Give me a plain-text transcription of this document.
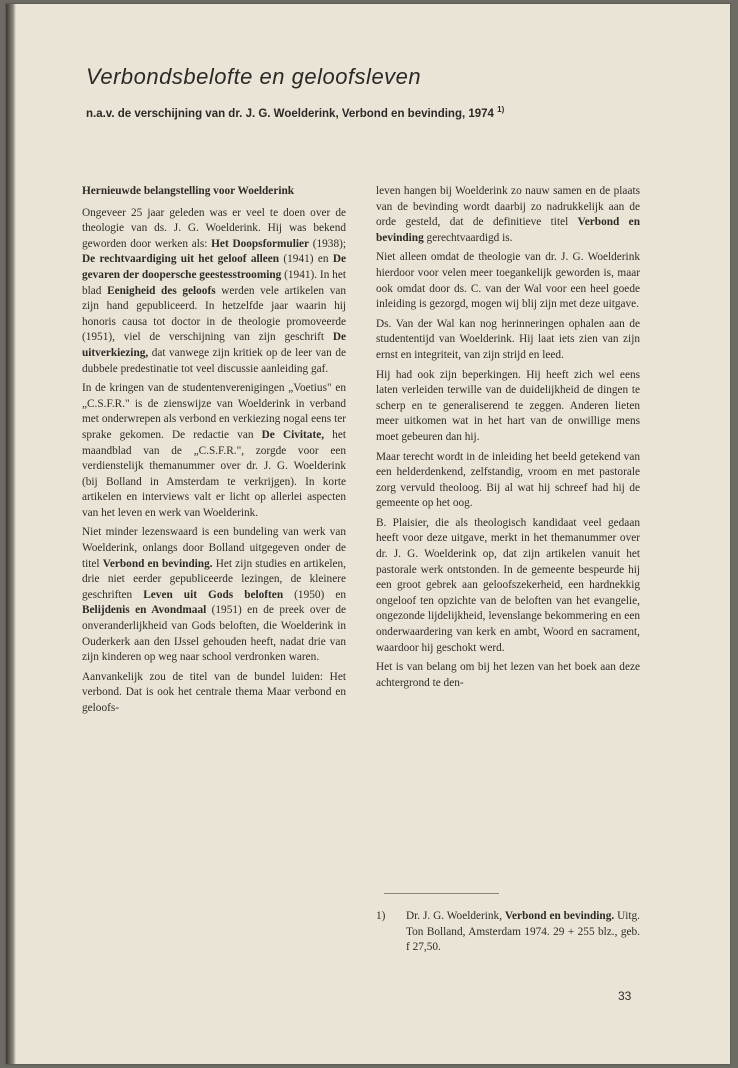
Verbondsbelofte en geloofsleven
n.a.v. de verschijning van dr. J. G. Woelderink, Verbond en bevinding, 1974 $^{1)}$

Hernieuwde belangstelling voor Woelderink

Ongeveer 25 jaar geleden was er veel te doen over de theologie van ds. J. G. Woelderink. Hij was bekend geworden door werken als: Het Doopsformulier (1938); De rechtvaardiging uit het geloof alleen (1941) en De gevaren der doopersche geestesstrooming (1941). In het blad Eenigheid des geloofs werden vele artikelen van zijn hand gepubliceerd. In hetzelfde jaar waarin hij honoris causa tot doctor in de theologie promoveerde (1951), viel de verschijning van zijn geschrift De uitverkiezing, dat vanwege zijn kritiek op de leer van de dubbele predestinatie tot veel discussie aanleiding gaf.

In de kringen van de studentenverenigingen „Voetius" en „C.S.F.R." is de zienswijze van Woelderink in verband met onderwrepen als verbond en verkiezing nogal eens ter sprake gekomen. De redactie van De Civitate, het maandblad van de „C.S.F.R.", zorgde voor een verdienstelijk themanummer over dr. J. G. Woelderink (bij Bolland in Amsterdam te verkrijgen). In korte artikelen en interviews valt er licht op allerlei aspecten van het leven en werk van Woelderink.

Niet minder lezenswaard is een bundeling van werk van Woelderink, onlangs door Bolland uitgegeven onder de titel Verbond en bevinding. Het zijn studies en artikelen, drie niet eerder gepubliceerde lezingen, de kleinere geschriften Leven uit Gods beloften (1950) en Belijdenis en Avondmaal (1951) en de preek over de onveranderlijkheid van Gods beloften, die Woelderink in Ouderkerk aan den IJssel gehouden heeft, nadat drie van zijn kinderen op weg naar school verdronken waren.

Aanvankelijk zou de titel van de bundel luiden: Het verbond. Dat is ook het centrale thema Maar verbond en geloofs-

leven hangen bij Woelderink zo nauw samen en de plaats van de bevinding wordt daarbij zo nadrukkelijk aan de orde gesteld, dat de definitieve titel Verbond en bevinding gerechtvaardigd is.

Niet alleen omdat de theologie van dr. J. G. Woelderink hierdoor voor velen meer toegankelijk geworden is, maar ook omdat door ds. C. van der Wal voor een heel goede inleiding is gezorgd, mogen wij blij zijn met deze uitgave.

Ds. Van der Wal kan nog herinneringen ophalen aan de studententijd van Woelderink. Hij laat iets zien van zijn ernst en integriteit, van zijn strijd en leed.

Hij had ook zijn beperkingen. Hij heeft zich wel eens laten verleiden terwille van de duidelijkheid de dingen te scherp en te generaliserend te zeggen. Anderen lieten meer uitkomen wat in het hart van de onwillige mens moet gebeuren dan hij.

Maar terecht wordt in de inleiding het beeld getekend van een helderdenkend, zelfstandig, vroom en met pastorale zorg vervuld theoloog. Bij al wat hij schreef had hij de gemeente op het oog.

B. Plaisier, die als theologisch kandidaat veel gedaan heeft voor deze uitgave, merkt in het themanummer over dr. J. G. Woelderink op, dat zijn artikelen vanuit het pastorale werk ontstonden. In de gemeente bespeurde hij een groot gebrek aan geloofszekerheid, een hardnekkig ongeloof ten opzichte van de beloften van het evangelie, ongezonde lijdelijkheid, levenslange bekommering en een onderwaardering van kerk en ambt, Woord en sacrament, waardoor hij geschokt werd.

Het is van belang om bij het lezen van het boek aan deze achtergrond te den-

1)	Dr. J. G. Woelderink, Verbond en bevinding. Uitg. Ton Bolland, Amsterdam 1974. 29 + 255 blz., geb. f 27,50.
33
